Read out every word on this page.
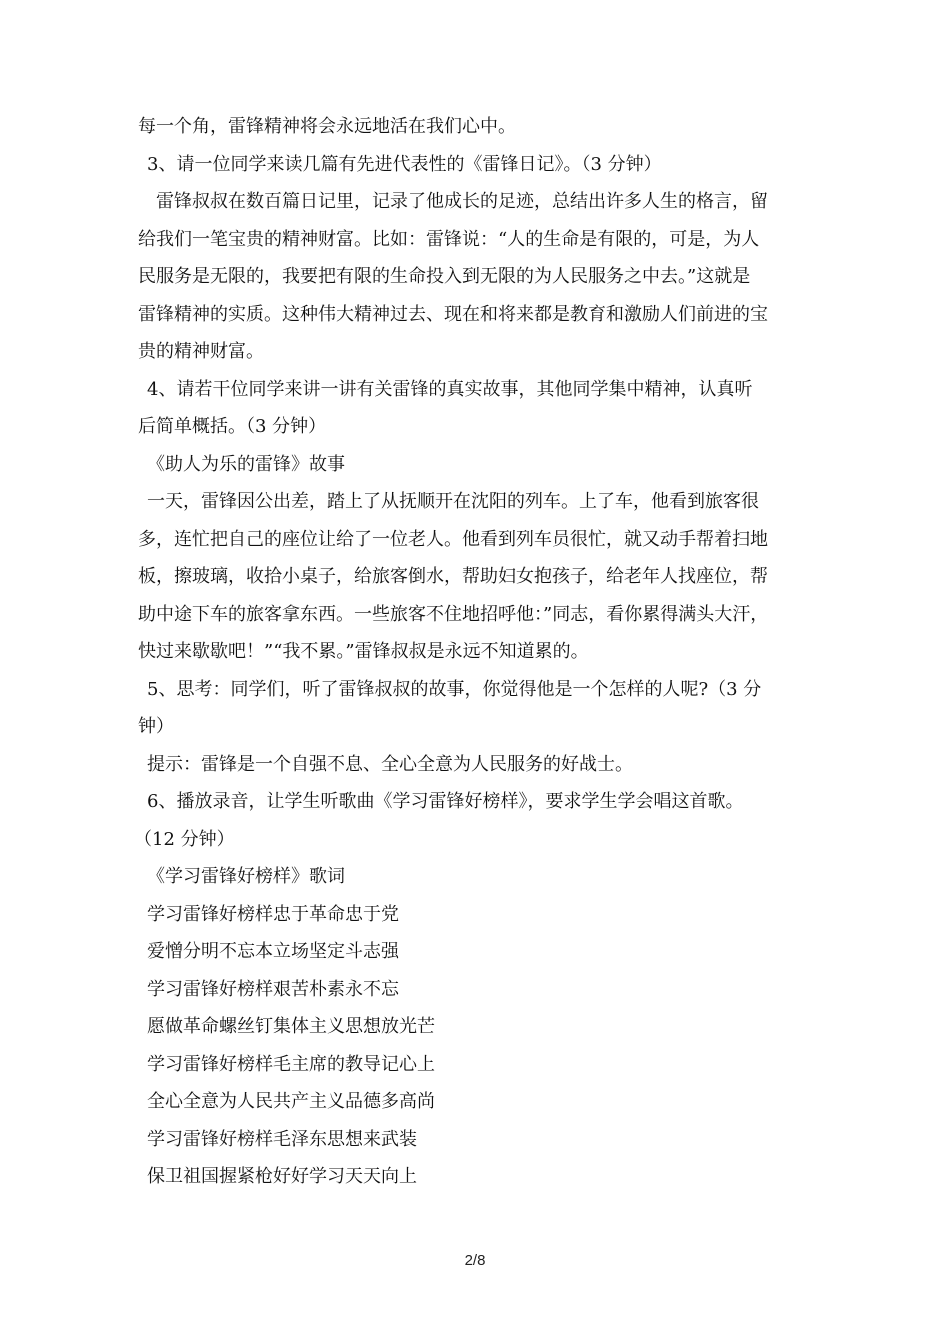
每一个角，雷锋精神将会永远地活在我们心中。
3、请一位同学来读几篇有先进代表性的《雷锋日记》。（3 分钟）
雷锋叔叔在数百篇日记里，记录了他成长的足迹，总结出许多人生的格言，留
给我们一笔宝贵的精神财富。比如：雷锋说：“人的生命是有限的，可是，为人
民服务是无限的，我要把有限的生命投入到无限的为人民服务之中去。”这就是
雷锋精神的实质。这种伟大精神过去、现在和将来都是教育和激励人们前进的宝
贵的精神财富。
4、请若干位同学来讲一讲有关雷锋的真实故事，其他同学集中精神，认真听
后简单概括。（3 分钟）
《助人为乐的雷锋》故事
一天，雷锋因公出差，踏上了从抚顺开在沈阳的列车。上了车，他看到旅客很
多，连忙把自己的座位让给了一位老人。他看到列车员很忙，就又动手帮着扫地
板，擦玻璃，收拾小桌子，给旅客倒水，帮助妇女抱孩子，给老年人找座位，帮
助中途下车的旅客拿东西。一些旅客不住地招呼他：”同志，看你累得满头大汗，
快过来歇歇吧！”“我不累。”雷锋叔叔是永远不知道累的。
5、思考：同学们，听了雷锋叔叔的故事，你觉得他是一个怎样的人呢?（3 分
钟）
提示：雷锋是一个自强不息、全心全意为人民服务的好战士。
6、播放录音，让学生听歌曲《学习雷锋好榜样》，要求学生学会唱这首歌。
（12 分钟）
《学习雷锋好榜样》歌词
学习雷锋好榜样忠于革命忠于党
爱憎分明不忘本立场坚定斗志强
学习雷锋好榜样艰苦朴素永不忘
愿做革命螺丝钉集体主义思想放光芒
学习雷锋好榜样毛主席的教导记心上
全心全意为人民共产主义品德多高尚
学习雷锋好榜样毛泽东思想来武装
保卫祖国握紧枪好好学习天天向上
2/8
